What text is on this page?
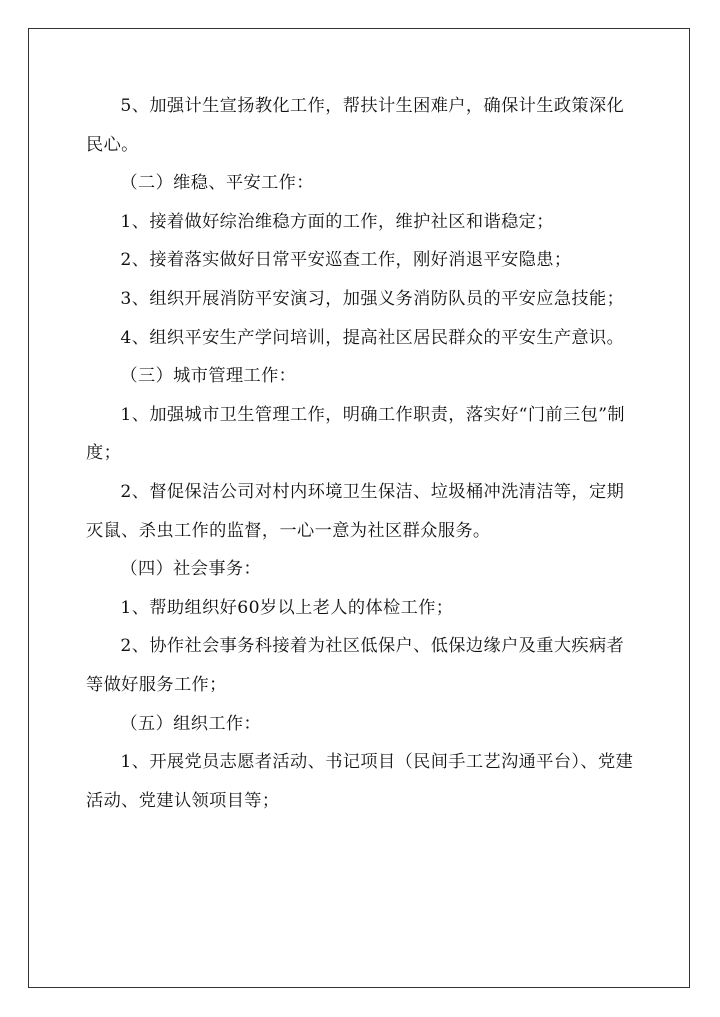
5、加强计生宣扬教化工作，帮扶计生困难户，确保计生政策深化民心。

（二）维稳、平安工作：

1、接着做好综治维稳方面的工作，维护社区和谐稳定；

2、接着落实做好日常平安巡查工作，刚好消退平安隐患；

3、组织开展消防平安演习，加强义务消防队员的平安应急技能；

4、组织平安生产学问培训，提高社区居民群众的平安生产意识。

（三）城市管理工作：

1、加强城市卫生管理工作，明确工作职责，落实好“门前三包”制度；

2、督促保洁公司对村内环境卫生保洁、垃圾桶冲洗清洁等，定期灭鼠、杀虫工作的监督，一心一意为社区群众服务。

（四）社会事务：

1、帮助组织好60岁以上老人的体检工作；

2、协作社会事务科接着为社区低保户、低保边缘户及重大疾病者等做好服务工作；

（五）组织工作：

1、开展党员志愿者活动、书记项目（民间手工艺沟通平台）、党建活动、党建认领项目等；
